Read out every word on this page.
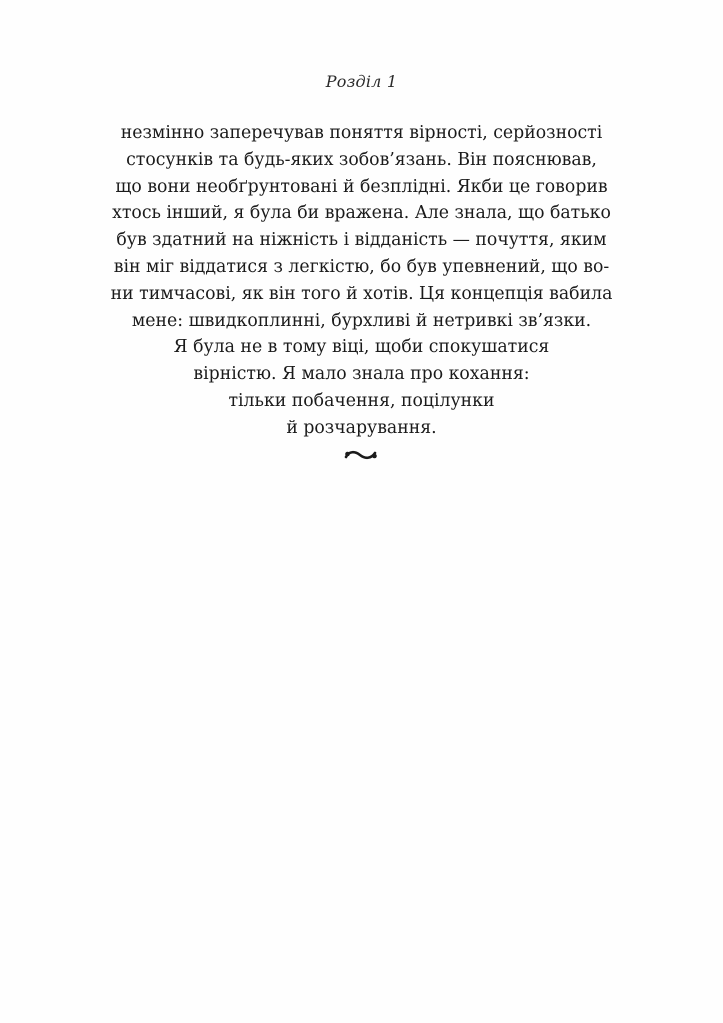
Розділ 1
незмінно заперечував поняття вірності, серйозності
стосунків та будь-яких зобов’язань. Він пояснював,
що вони необґрунтовані й безплідні. Якби це говорив
хтось інший, я була би вражена. Але знала, що батько
був здатний на ніжність і відданість — почуття, яким
він міг віддатися з легкістю, бо був упевнений, що во-
ни тимчасові, як він того й хотів. Ця концепція вабила
мене: швидкоплинні, бурхливі й нетривкі зв’язки.
Я була не в тому віці, щоби спокушатися
вірністю. Я мало знала про кохання:
тільки побачення, поцілунки
й розчарування.
